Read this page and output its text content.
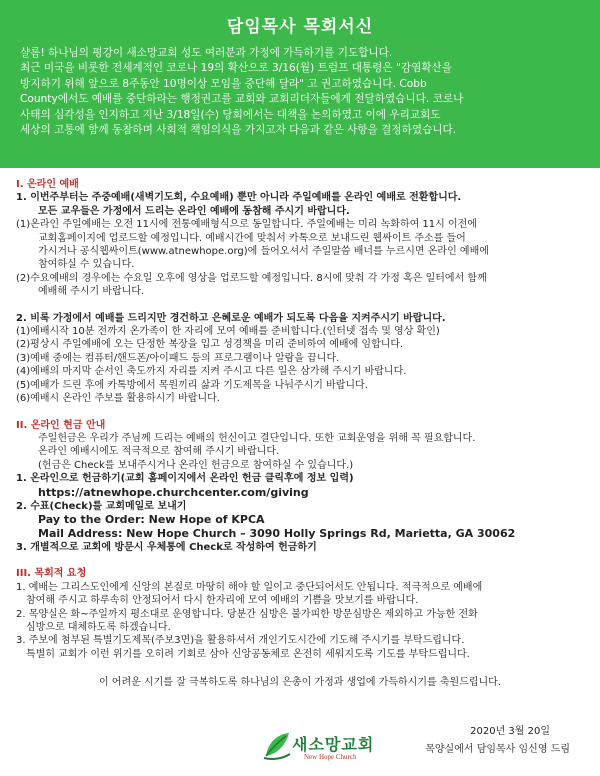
담임목사 목회서신

샬롬! 하나님의 평강이 새소망교회 성도 여러분과 가정에 가득하기를 기도합니다.

최근 미국을 비롯한 전세계적인 코로나 19의 확산으로 3/16(월) 트럼프 대통령은 "감염확산을

방지하기 위해 앞으로 8주동안 10명이상 모임을 중단해 달라" 고 권고하였습니다. Cobb

County에서도 예배를 중단하라는 행정권고를 교회와 교회리더자들에게 전달하였습니다. 코로나

사태의 심각성을 인지하고 지난 3/18일(수) 당회에서는 대책을 논의하였고 이에 우리교회도

세상의 고통에 함께 동참하며 사회적 책임의식을 가지고자 다음과 같은 사항을 결정하였습니다.

I. 온라인 예배
1. 이번주부터는 주중예배(새벽기도회, 수요예배) 뿐만 아니라 주일예배를 온라인 예배로 전환합니다.
모든 교우들은 가정에서 드리는 온라인 예배에 동참해 주시기 바랍니다.
(1)온라인 주일예배는 오전 11시에 전통예배형식으로 동일합니다. 주일예배는 미리 녹화하여 11시 이전에
교회홈페이지에 업로드할 예정입니다. 예배시간에 맞춰서 카톡으로 보내드린 웹싸이트 주소를 들어
가시거나 공식웹싸이트(www.atnewhope.org)에 들어오셔서 주일말씀 배너를 누르시면 온라인 예배에
참여하실 수 있습니다.
(2)수요예배의 경우에는 수요일 오후에 영상을 업로드할 예정입니다. 8시에 맞춰 각 가정 혹은 일터에서 함께
예배해 주시기 바랍니다.
2. 비록 가정에서 예배를 드리지만 경건하고 은혜로운 예배가 되도록 다음을 지켜주시기 바랍니다.
(1)예배시작 10분 전까지 온가족이 한 자리에 모여 예배를 준비합니다.(인터넷 접속 및 영상 확인)
(2)평상시 주일예배에 오는 단정한 복장을 입고 성경책을 미리 준비하여 예배에 임합니다.
(3)예배 중에는 컴퓨터/핸드폰/아이패드 등의 프로그램이나 알람을 끕니다.
(4)예배의 마지막 순서인 축도까지 자리를 지켜 주시고 다른 일은 삼가해 주시기 바랍니다.
(5)예배가 드린 후에 카톡방에서 목원끼리 삶과 기도제목을 나눠주시기 바랍니다.
(6)예배시 온라인 주보를 활용하시기 바랍니다.
II. 온라인 현금 안내
주일헌금은 우리가 주님께 드리는 예배의 헌신이고 결단입니다. 또한 교회운영을 위해 꼭 필요합니다.
온라인 예배시에도 적극적으로 참여해 주시기 바랍니다.
(헌금은 Check를 보내주시거나 온라인 헌금으로 참여하실 수 있습니다.)
1. 온라인으로 헌금하기(교회 홈페이지에서 온라인 헌금 클릭후에 정보 입력)
https://atnewhope.churchcenter.com/giving
2. 수표(Check)를 교회메일로 보내기
Pay to the Order: New Hope of KPCA
Mail Address: New Hope Church – 3090 Holly Springs Rd, Marietta, GA 30062
3. 개별적으로 교회에 방문시 우체통에 Check로 작성하여 헌금하기
III. 목회적 요청
1. 예배는 그리스도인에게 신앙의 본질로 마땅히 해야 할 일이고 중단되어서도 안됩니다. 적극적으로 예배에
참여해 주시고 하루속히 안정되어서 다시 한자리에 모여 예배의 기쁨을 맛보기를 바랍니다.
2. 목양실은 화~주일까지 평소대로 운영합니다. 당분간 심방은 불가피한 방문심방은 제외하고 가능한 전화
심방으로 대체하도록 하겠습니다.
3. 주보에 첨부된 특별기도제목(주보3면)을 활용하셔서 개인기도시간에 기도해 주시기를 부탁드립니다.
특별히 교회가 이런 위기를 오히려 기회로 삼아 신앙공동체로 온전히 세워지도록 기도를 부탁드립니다.
이 어려운 시기를 잘 극복하도록 하나님의 은총이 가정과 생업에 가득하시기를 축원드립니다.
새소망교회
New Hope Church
2020년 3월 20일
목양실에서 담임목사 임신영 드림
